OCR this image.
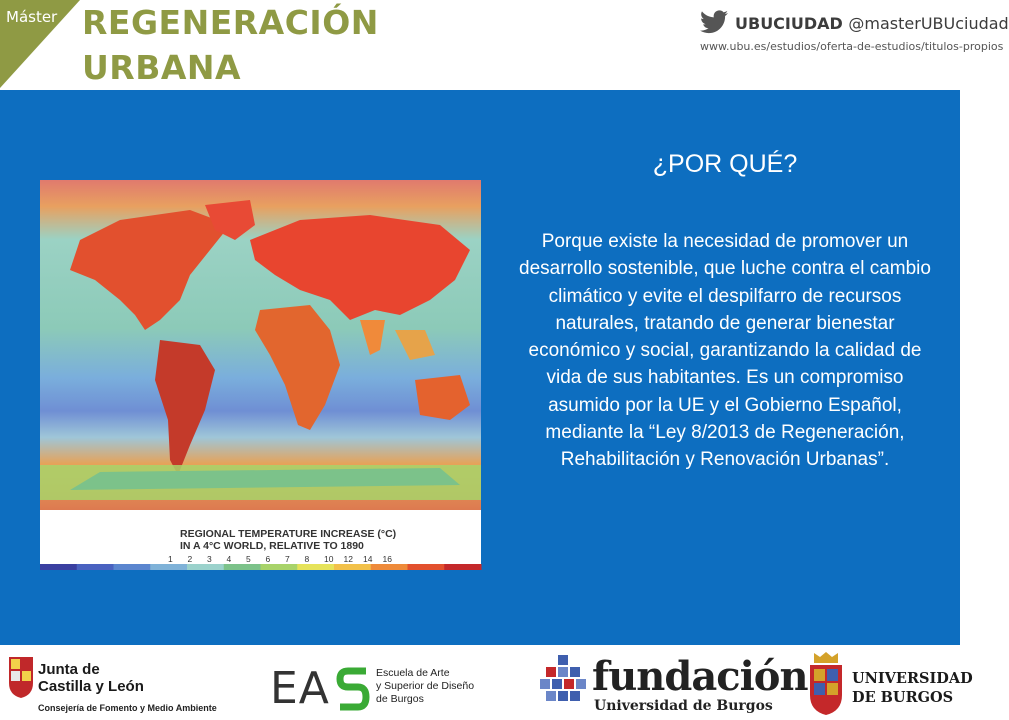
Máster REGENERACIÓN
URBANA
UBUCIUDAD @masterUBUciudad
www.ubu.es/estudios/oferta-de-estudios/titulos-propios
REGIONAL TEMPERATURE INCREASE (°C)
IN A 4°C WORLD, RELATIVE TO 1890
1 2 3 4 5 6 7 8 10 12 14 16
¿POR QUÉ?
Porque existe la necesidad de promover un desarrollo sostenible, que luche contra el cambio climático y evite el despilfarro de recursos naturales, tratando de generar bienestar económico y social, garantizando la calidad de vida de sus habitantes. Es un compromiso asumido por la UE y el Gobierno Español, mediante la “Ley 8/2013 de Regeneración, Rehabilitación y Renovación Urbanas”.
Junta de
Castilla y León
Consejería de Fomento y Medio Ambiente EA	Escuela de Arte
y Superior de Diseño
de Burgos	fundación
Universidad de Burgos
UNIVERSIDAD
DE BURGOS
